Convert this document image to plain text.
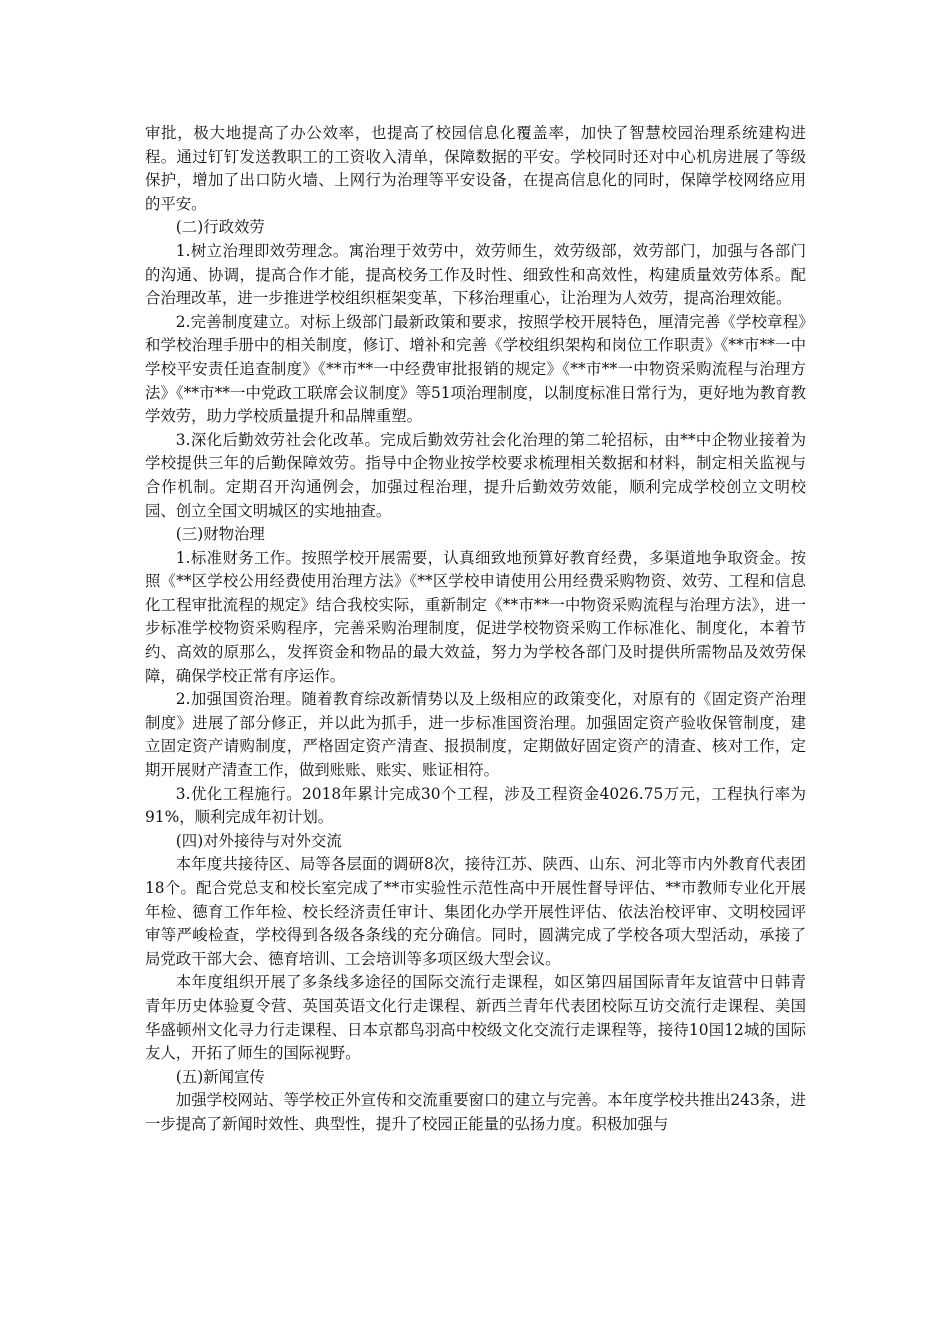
审批，极大地提高了办公效率，也提高了校园信息化覆盖率，加快了智慧校园治理系统建构进程。通过钉钉发送教职工的工资收入清单，保障数据的平安。学校同时还对中心机房进展了等级保护，增加了出口防火墙、上网行为治理等平安设备，在提高信息化的同时，保障学校网络应用的平安。

(二)行政效劳

1.树立治理即效劳理念。寓治理于效劳中，效劳师生，效劳级部，效劳部门，加强与各部门的沟通、协调，提高合作才能，提高校务工作及时性、细致性和高效性，构建质量效劳体系。配合治理改革，进一步推进学校组织框架变革，下移治理重心，让治理为人效劳，提高治理效能。

2.完善制度建立。对标上级部门最新政策和要求，按照学校开展特色，厘清完善《学校章程》和学校治理手册中的相关制度，修订、增补和完善《学校组织架构和岗位工作职责》《**市**一中学校平安责任追查制度》《**市**一中经费审批报销的规定》《**市**一中物资采购流程与治理方法》《**市**一中党政工联席会议制度》等51项治理制度，以制度标准日常行为，更好地为教育教学效劳，助力学校质量提升和品牌重塑。

3.深化后勤效劳社会化改革。完成后勤效劳社会化治理的第二轮招标，由**中企物业接着为学校提供三年的后勤保障效劳。指导中企物业按学校要求梳理相关数据和材料，制定相关监视与合作机制。定期召开沟通例会，加强过程治理，提升后勤效劳效能，顺利完成学校创立文明校园、创立全国文明城区的实地抽查。

(三)财物治理

1.标准财务工作。按照学校开展需要，认真细致地预算好教育经费，多渠道地争取资金。按照《**区学校公用经费使用治理方法》《**区学校申请使用公用经费采购物资、效劳、工程和信息化工程审批流程的规定》结合我校实际，重新制定《**市**一中物资采购流程与治理方法》，进一步标准学校物资采购程序，完善采购治理制度，促进学校物资采购工作标准化、制度化，本着节约、高效的原那么，发挥资金和物品的最大效益，努力为学校各部门及时提供所需物品及效劳保障，确保学校正常有序运作。

2.加强国资治理。随着教育综改新情势以及上级相应的政策变化，对原有的《固定资产治理制度》进展了部分修正，并以此为抓手，进一步标准国资治理。加强固定资产验收保管制度，建立固定资产请购制度，严格固定资产清查、报损制度，定期做好固定资产的清查、核对工作，定期开展财产清查工作，做到账账、账实、账证相符。

3.优化工程施行。2018年累计完成30个工程，涉及工程资金4026.75万元，工程执行率为91%，顺利完成年初计划。

(四)对外接待与对外交流

本年度共接待区、局等各层面的调研8次，接待江苏、陕西、山东、河北等市内外教育代表团18个。配合党总支和校长室完成了**市实验性示范性高中开展性督导评估、**市教师专业化开展年检、德育工作年检、校长经济责任审计、集团化办学开展性评估、依法治校评审、文明校园评审等严峻检查，学校得到各级各条线的充分确信。同时，圆满完成了学校各项大型活动，承接了局党政干部大会、德育培训、工会培训等多项区级大型会议。

本年度组织开展了多条线多途径的国际交流行走课程，如区第四届国际青年友谊营中日韩青青年历史体验夏令营、英国英语文化行走课程、新西兰青年代表团校际互访交流行走课程、美国华盛顿州文化寻力行走课程、日本京都鸟羽高中校级文化交流行走课程等，接待10国12城的国际友人，开拓了师生的国际视野。

(五)新闻宣传

加强学校网站、等学校正外宣传和交流重要窗口的建立与完善。本年度学校共推出243条，进一步提高了新闻时效性、典型性，提升了校园正能量的弘扬力度。积极加强与
